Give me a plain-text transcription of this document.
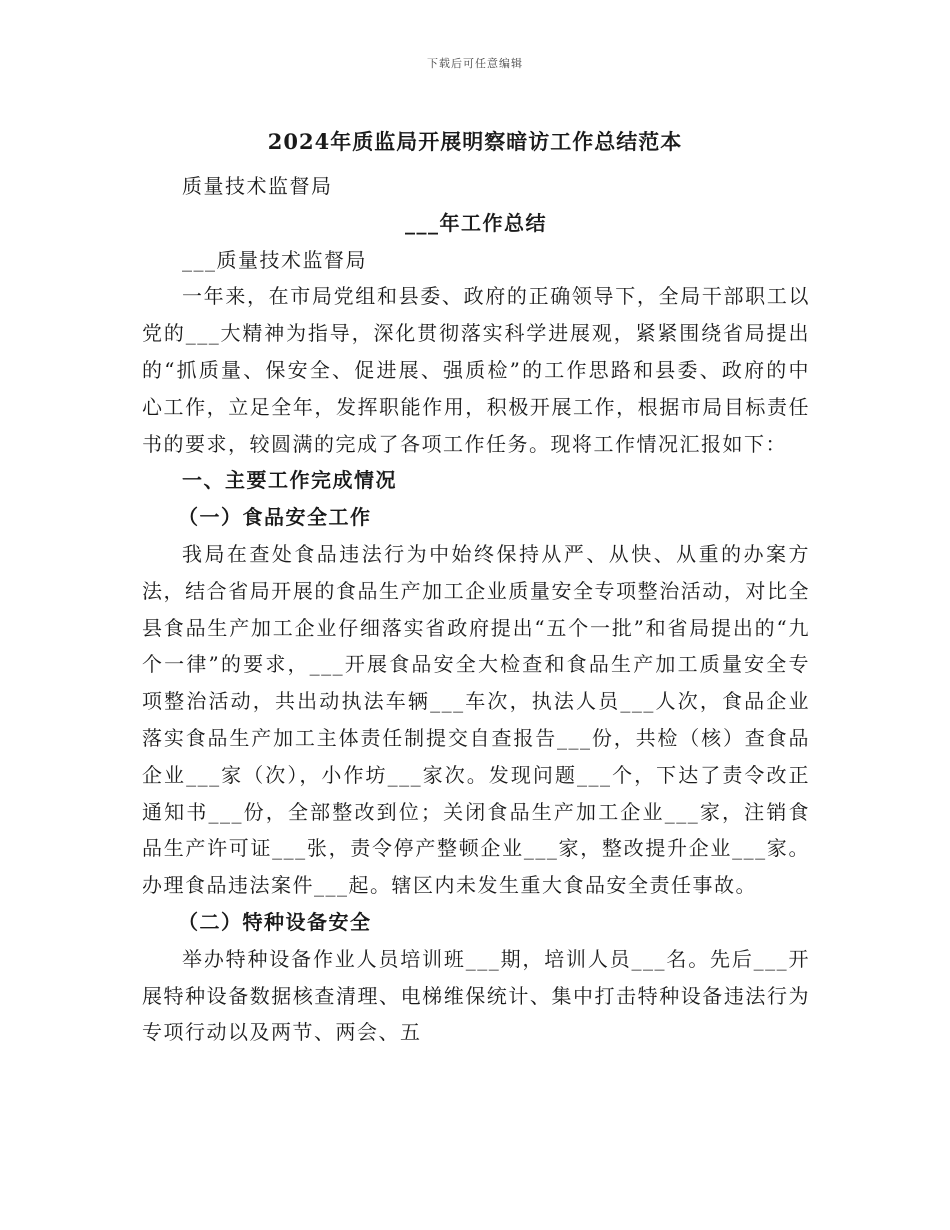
下载后可任意编辑
2024年质监局开展明察暗访工作总结范本

质量技术监督局

___年工作总结

___质量技术监督局

一年来，在市局党组和县委、政府的正确领导下，全局干部职工以党的___大精神为指导，深化贯彻落实科学进展观，紧紧围绕省局提出的“抓质量、保安全、促进展、强质检”的工作思路和县委、政府的中心工作，立足全年，发挥职能作用，积极开展工作，根据市局目标责任书的要求，较圆满的完成了各项工作任务。现将工作情况汇报如下：

一、主要工作完成情况
（一）食品安全工作

我局在查处食品违法行为中始终保持从严、从快、从重的办案方法，结合省局开展的食品生产加工企业质量安全专项整治活动，对比全县食品生产加工企业仔细落实省政府提出“五个一批”和省局提出的“九个一律”的要求，___开展食品安全大检查和食品生产加工质量安全专项整治活动，共出动执法车辆___车次，执法人员___人次，食品企业落实食品生产加工主体责任制提交自查报告___份，共检（核）查食品企业___家（次），小作坊___家次。发现问题___个，下达了责令改正通知书___份，全部整改到位；关闭食品生产加工企业___家，注销食品生产许可证___张，责令停产整顿企业___家，整改提升企业___家。办理食品违法案件___起。辖区内未发生重大食品安全责任事故。

（二）特种设备安全

举办特种设备作业人员培训班___期，培训人员___名。先后___开展特种设备数据核查清理、电梯维保统计、集中打击特种设备违法行为专项行动以及两节、两会、五
